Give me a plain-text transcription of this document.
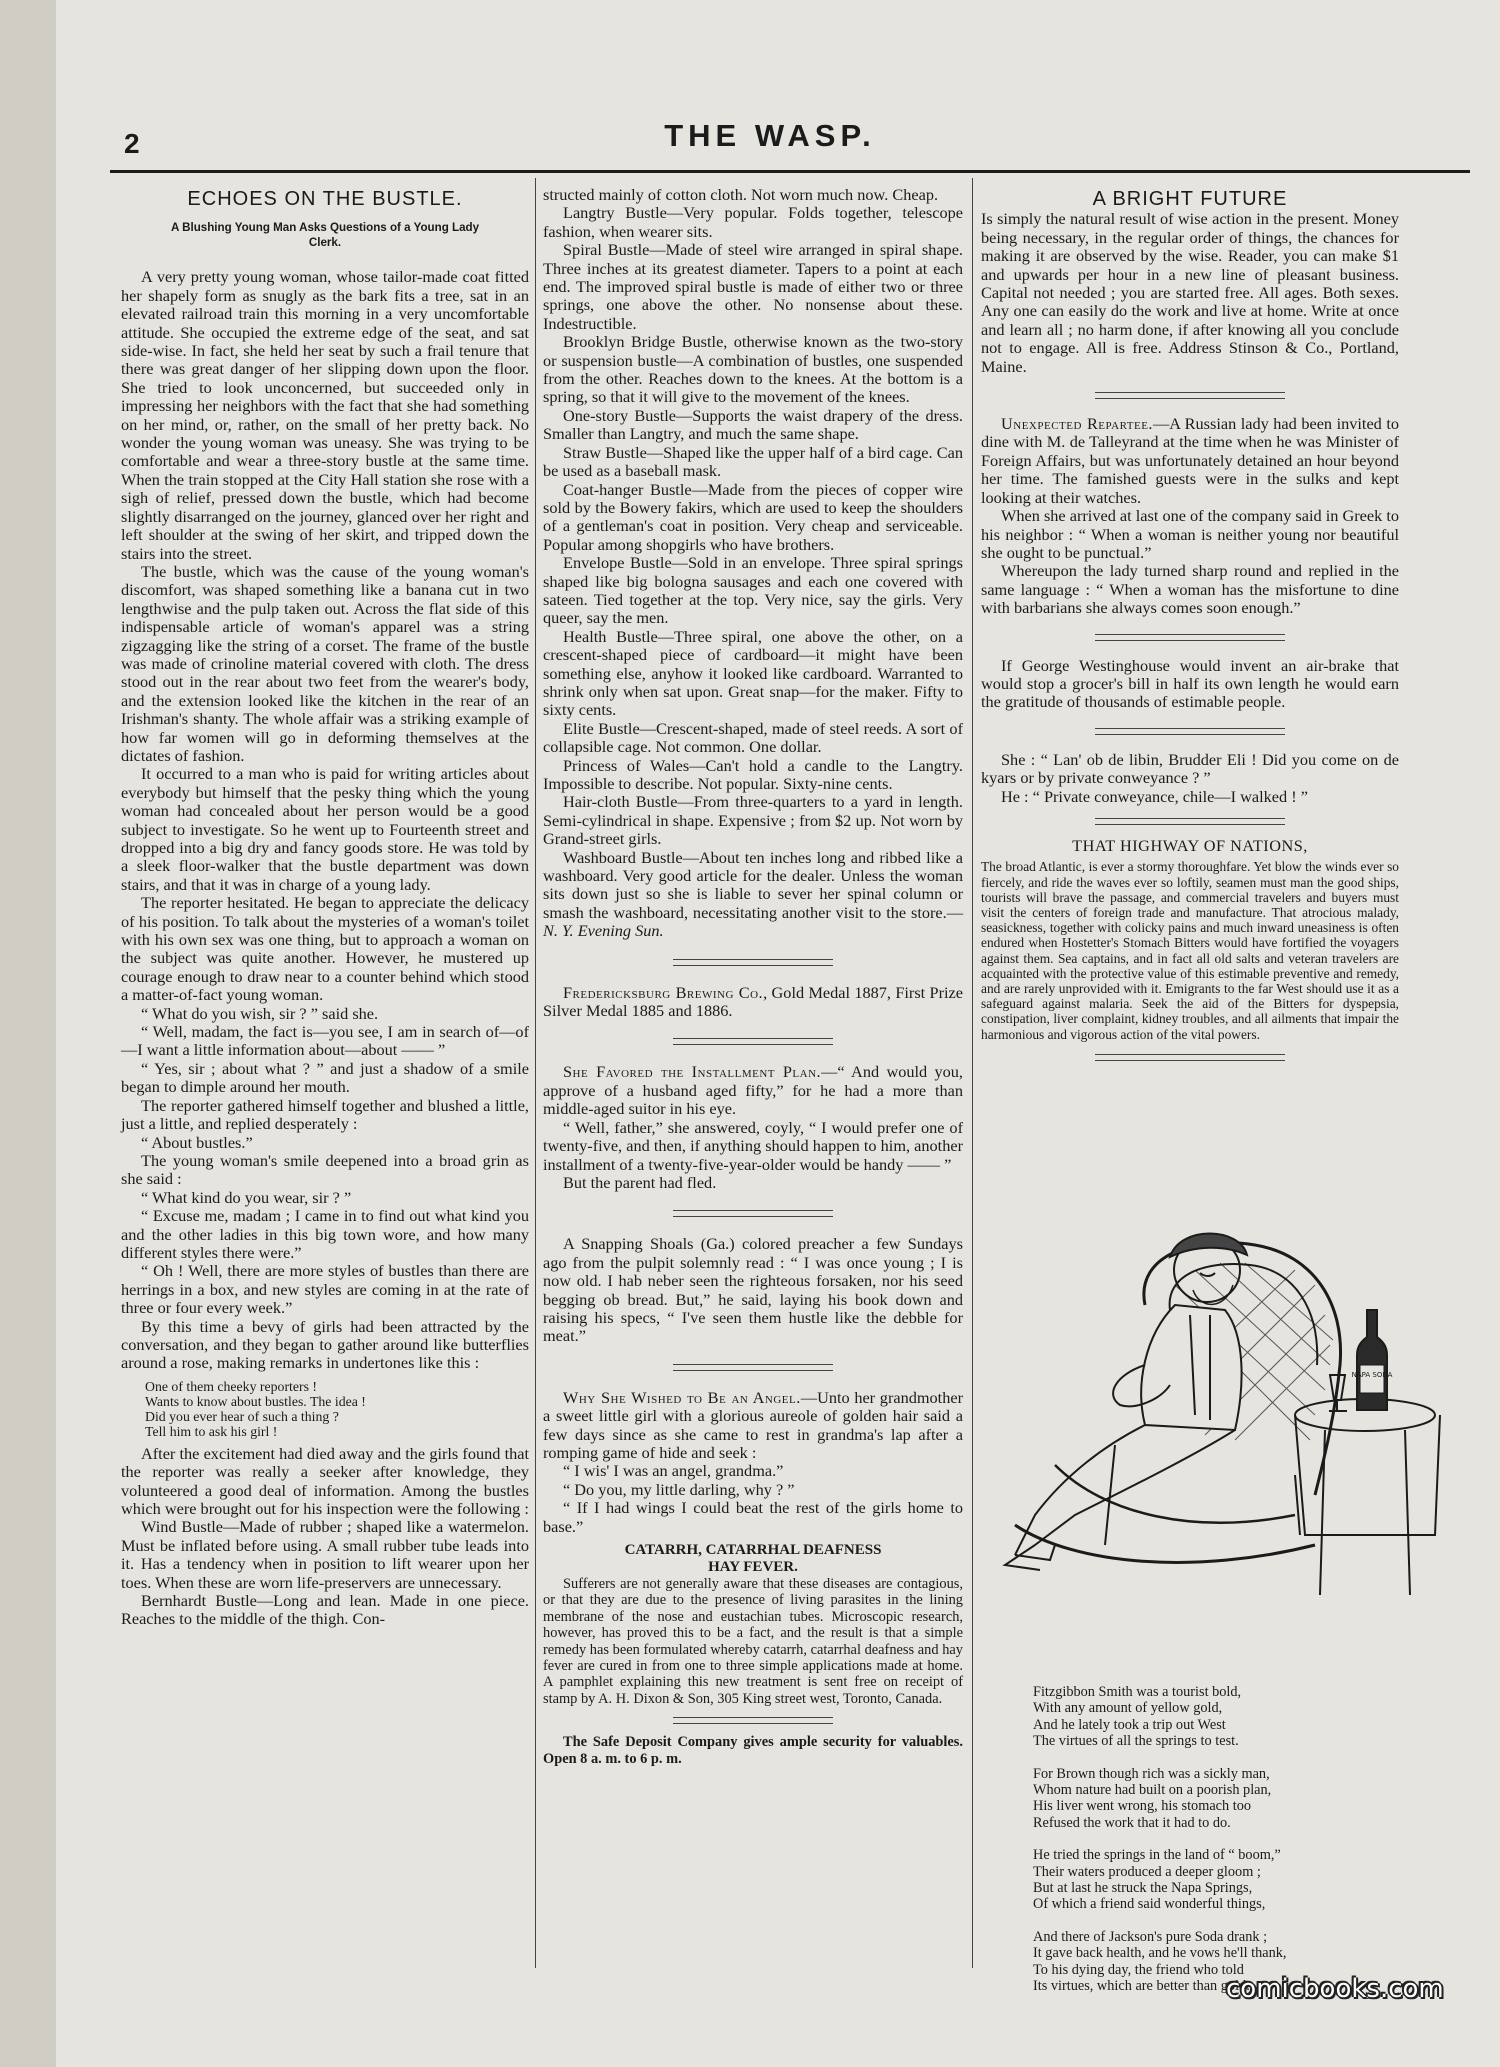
2	THE WASP.
ECHOES ON THE BUSTLE.
A Blushing Young Man Asks Questions of a Young Lady Clerk.

A very pretty young woman, whose tailor-made coat fitted her shapely form as snugly as the bark fits a tree, sat in an elevated railroad train this morning in a very uncomfortable attitude. She occupied the extreme edge of the seat, and sat side-wise. In fact, she held her seat by such a frail tenure that there was great danger of her slipping down upon the floor. She tried to look unconcerned, but succeeded only in impressing her neighbors with the fact that she had something on her mind, or, rather, on the small of her pretty back. No wonder the young woman was uneasy. She was trying to be comfortable and wear a three-story bustle at the same time. When the train stopped at the City Hall station she rose with a sigh of relief, pressed down the bustle, which had become slightly disarranged on the journey, glanced over her right and left shoulder at the swing of her skirt, and tripped down the stairs into the street.

The bustle, which was the cause of the young woman's discomfort, was shaped something like a banana cut in two lengthwise and the pulp taken out. Across the flat side of this indispensable article of woman's apparel was a string zigzagging like the string of a corset. The frame of the bustle was made of crinoline material covered with cloth. The dress stood out in the rear about two feet from the wearer's body, and the extension looked like the kitchen in the rear of an Irishman's shanty. The whole affair was a striking example of how far women will go in deforming themselves at the dictates of fashion.

It occurred to a man who is paid for writing articles about everybody but himself that the pesky thing which the young woman had concealed about her person would be a good subject to investigate. So he went up to Fourteenth street and dropped into a big dry and fancy goods store. He was told by a sleek floor-walker that the bustle department was down stairs, and that it was in charge of a young lady.

The reporter hesitated. He began to appreciate the delicacy of his position. To talk about the mysteries of a woman's toilet with his own sex was one thing, but to approach a woman on the subject was quite another. However, he mustered up courage enough to draw near to a counter behind which stood a matter-of-fact young woman.

“ What do you wish, sir ? ” said she.

“ Well, madam, the fact is—you see, I am in search of—of—I want a little information about—about —— ”

“ Yes, sir ; about what ? ” and just a shadow of a smile began to dimple around her mouth.

The reporter gathered himself together and blushed a little, just a little, and replied desperately :

“ About bustles.”

The young woman's smile deepened into a broad grin as she said :

“ What kind do you wear, sir ? ”

“ Excuse me, madam ; I came in to find out what kind you and the other ladies in this big town wore, and how many different styles there were.”

“ Oh ! Well, there are more styles of bustles than there are herrings in a box, and new styles are coming in at the rate of three or four every week.”

By this time a bevy of girls had been attracted by the conversation, and they began to gather around like butterflies around a rose, making remarks in undertones like this :

One of them cheeky reporters !
Wants to know about bustles. The idea !
Did you ever hear of such a thing ?
Tell him to ask his girl !

After the excitement had died away and the girls found that the reporter was really a seeker after knowledge, they volunteered a good deal of information. Among the bustles which were brought out for his inspection were the following :

Wind Bustle—Made of rubber ; shaped like a watermelon. Must be inflated before using. A small rubber tube leads into it. Has a tendency when in position to lift wearer upon her toes. When these are worn life-preservers are unnecessary.

Bernhardt Bustle—Long and lean. Made in one piece. Reaches to the middle of the thigh. Con-

structed mainly of cotton cloth. Not worn much now. Cheap.

Langtry Bustle—Very popular. Folds together, telescope fashion, when wearer sits.

Spiral Bustle—Made of steel wire arranged in spiral shape. Three inches at its greatest diameter. Tapers to a point at each end. The improved spiral bustle is made of either two or three springs, one above the other. No nonsense about these. Indestructible.

Brooklyn Bridge Bustle, otherwise known as the two-story or suspension bustle—A combination of bustles, one suspended from the other. Reaches down to the knees. At the bottom is a spring, so that it will give to the movement of the knees.

One-story Bustle—Supports the waist drapery of the dress. Smaller than Langtry, and much the same shape.

Straw Bustle—Shaped like the upper half of a bird cage. Can be used as a baseball mask.

Coat-hanger Bustle—Made from the pieces of copper wire sold by the Bowery fakirs, which are used to keep the shoulders of a gentleman's coat in position. Very cheap and serviceable. Popular among shopgirls who have brothers.

Envelope Bustle—Sold in an envelope. Three spiral springs shaped like big bologna sausages and each one covered with sateen. Tied together at the top. Very nice, say the girls. Very queer, say the men.

Health Bustle—Three spiral, one above the other, on a crescent-shaped piece of cardboard—it might have been something else, anyhow it looked like cardboard. Warranted to shrink only when sat upon. Great snap—for the maker. Fifty to sixty cents.

Elite Bustle—Crescent-shaped, made of steel reeds. A sort of collapsible cage. Not common. One dollar.

Princess of Wales—Can't hold a candle to the Langtry. Impossible to describe. Not popular. Sixty-nine cents.

Hair-cloth Bustle—From three-quarters to a yard in length. Semi-cylindrical in shape. Expensive ; from $2 up. Not worn by Grand-street girls.

Washboard Bustle—About ten inches long and ribbed like a washboard. Very good article for the dealer. Unless the woman sits down just so she is liable to sever her spinal column or smash the washboard, necessitating another visit to the store.—N. Y. Evening Sun.

Fredericksburg Brewing Co., Gold Medal 1887, First Prize Silver Medal 1885 and 1886.

She Favored the Installment Plan.—“ And would you, approve of a husband aged fifty,” for he had a more than middle-aged suitor in his eye.

“ Well, father,” she answered, coyly, “ I would prefer one of twenty-five, and then, if anything should happen to him, another installment of a twenty-five-year-older would be handy —— ”

But the parent had fled.

A Snapping Shoals (Ga.) colored preacher a few Sundays ago from the pulpit solemnly read : “ I was once young ; I is now old. I hab neber seen the righteous forsaken, nor his seed begging ob bread. But,” he said, laying his book down and raising his specs, “ I've seen them hustle like the debble for meat.”

Why She Wished to Be an Angel.—Unto her grandmother a sweet little girl with a glorious aureole of golden hair said a few days since as she came to rest in grandma's lap after a romping game of hide and seek :

“ I wis' I was an angel, grandma.”

“ Do you, my little darling, why ? ”

“ If I had wings I could beat the rest of the girls home to base.”

CATARRH, CATARRHAL DEAFNESS
HAY FEVER.

Sufferers are not generally aware that these diseases are contagious, or that they are due to the presence of living parasites in the lining membrane of the nose and eustachian tubes. Microscopic research, however, has proved this to be a fact, and the result is that a simple remedy has been formulated whereby catarrh, catarrhal deafness and hay fever are cured in from one to three simple applications made at home. A pamphlet explaining this new treatment is sent free on receipt of stamp by A. H. Dixon & Son, 305 King street west, Toronto, Canada.

The Safe Deposit Company gives ample security for valuables. Open 8 a. m. to 6 p. m.

A BRIGHT FUTURE

Is simply the natural result of wise action in the present. Money being necessary, in the regular order of things, the chances for making it are observed by the wise. Reader, you can make $1 and upwards per hour in a new line of pleasant business. Capital not needed ; you are started free. All ages. Both sexes. Any one can easily do the work and live at home. Write at once and learn all ; no harm done, if after knowing all you conclude not to engage. All is free. Address Stinson & Co., Portland, Maine.

Unexpected Repartee.—A Russian lady had been invited to dine with M. de Talleyrand at the time when he was Minister of Foreign Affairs, but was unfortunately detained an hour beyond her time. The famished guests were in the sulks and kept looking at their watches.

When she arrived at last one of the company said in Greek to his neighbor : “ When a woman is neither young nor beautiful she ought to be punctual.”

Whereupon the lady turned sharp round and replied in the same language : “ When a woman has the misfortune to dine with barbarians she always comes soon enough.”

If George Westinghouse would invent an air-brake that would stop a grocer's bill in half its own length he would earn the gratitude of thousands of estimable people.

She : “ Lan' ob de libin, Brudder Eli ! Did you come on de kyars or by private conweyance ? ”

He : “ Private conweyance, chile—I walked ! ”

THAT HIGHWAY OF NATIONS,

The broad Atlantic, is ever a stormy thoroughfare. Yet blow the winds ever so fiercely, and ride the waves ever so loftily, seamen must man the good ships, tourists will brave the passage, and commercial travelers and buyers must visit the centers of foreign trade and manufacture. That atrocious malady, seasickness, together with colicky pains and much inward uneasiness is often endured when Hostetter's Stomach Bitters would have fortified the voyagers against them. Sea captains, and in fact all old salts and veteran travelers are acquainted with the protective value of this estimable preventive and remedy, and are rarely unprovided with it. Emigrants to the far West should use it as a safeguard against malaria. Seek the aid of the Bitters for dyspepsia, constipation, liver complaint, kidney troubles, and all ailments that impair the harmonious and vigorous action of the vital powers.

NAPA SODA
Fitzgibbon Smith was a tourist bold,
With any amount of yellow gold,
And he lately took a trip out West
The virtues of all the springs to test.
For Brown though rich was a sickly man,
Whom nature had built on a poorish plan,
His liver went wrong, his stomach too
Refused the work that it had to do.
He tried the springs in the land of “ boom,”
Their waters produced a deeper gloom ;
But at last he struck the Napa Springs,
Of which a friend said wonderful things,
And there of Jackson's pure Soda drank ;
It gave back health, and he vows he'll thank,
To his dying day, the friend who told
Its virtues, which are better than gold.
comicbooks.com
